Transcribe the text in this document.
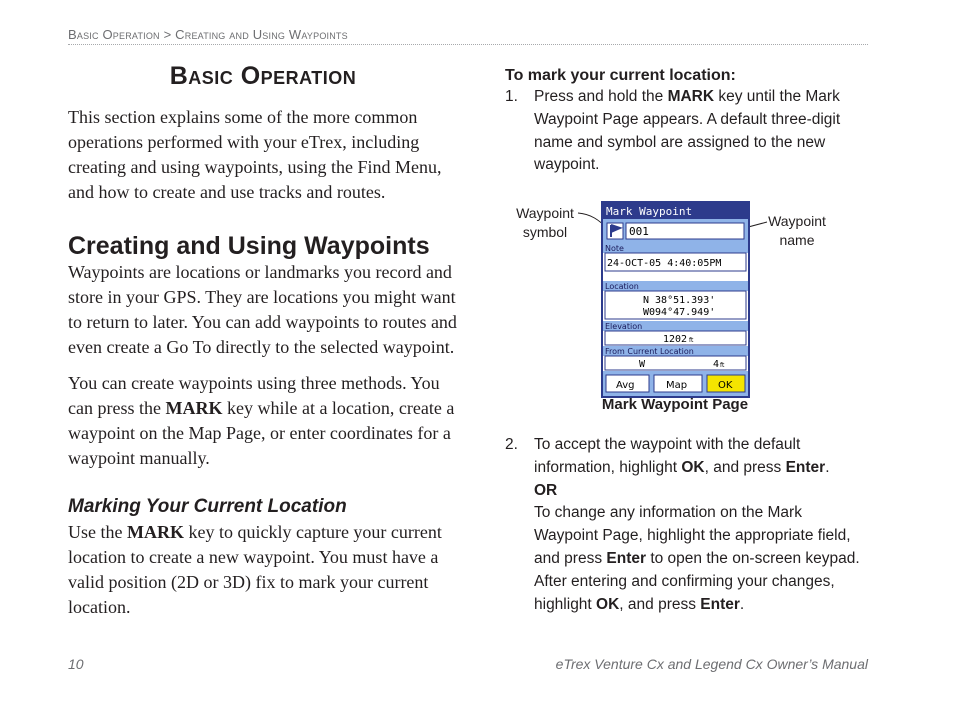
Basic Operation > Creating and Using Waypoints
Basic Operation

This section explains some of the more common operations performed with your eTrex, including creating and using waypoints, using the Find Menu, and how to create and use tracks and routes.

Creating and Using Waypoints

Waypoints are locations or landmarks you record and store in your GPS. They are locations you might want to return to later. You can add waypoints to routes and even create a Go To directly to the selected waypoint.

You can create waypoints using three methods. You can press the MARK key while at a location, create a waypoint on the Map Page, or enter coordinates for a waypoint manually.

Marking Your Current Location

Use the MARK key to quickly capture your current location to create a new waypoint. You must have a valid position (2D or 3D) fix to mark your current location.

To mark your current location:
1.	Press and hold the MARK key until the Mark Waypoint Page appears. A default three-digit name and symbol are assigned to the new waypoint.
Waypoint
symbol
Waypoint
name
Mark Waypoint
001
Note
24-OCT-05 4:40:05PM
Location
N 38°51.393'
W094°47.949'
Elevation
1202 ft
From Current Location
W	4 ft
Avg	Map	OK
Mark Waypoint Page
2.	To accept the waypoint with the default information, highlight OK, and press Enter.
OR
To change any information on the Mark Waypoint Page, highlight the appropriate field, and press Enter to open the on-screen keypad. After entering and confirming your changes, highlight OK, and press Enter.
10	eTrex Venture Cx and Legend Cx Owner’s Manual
